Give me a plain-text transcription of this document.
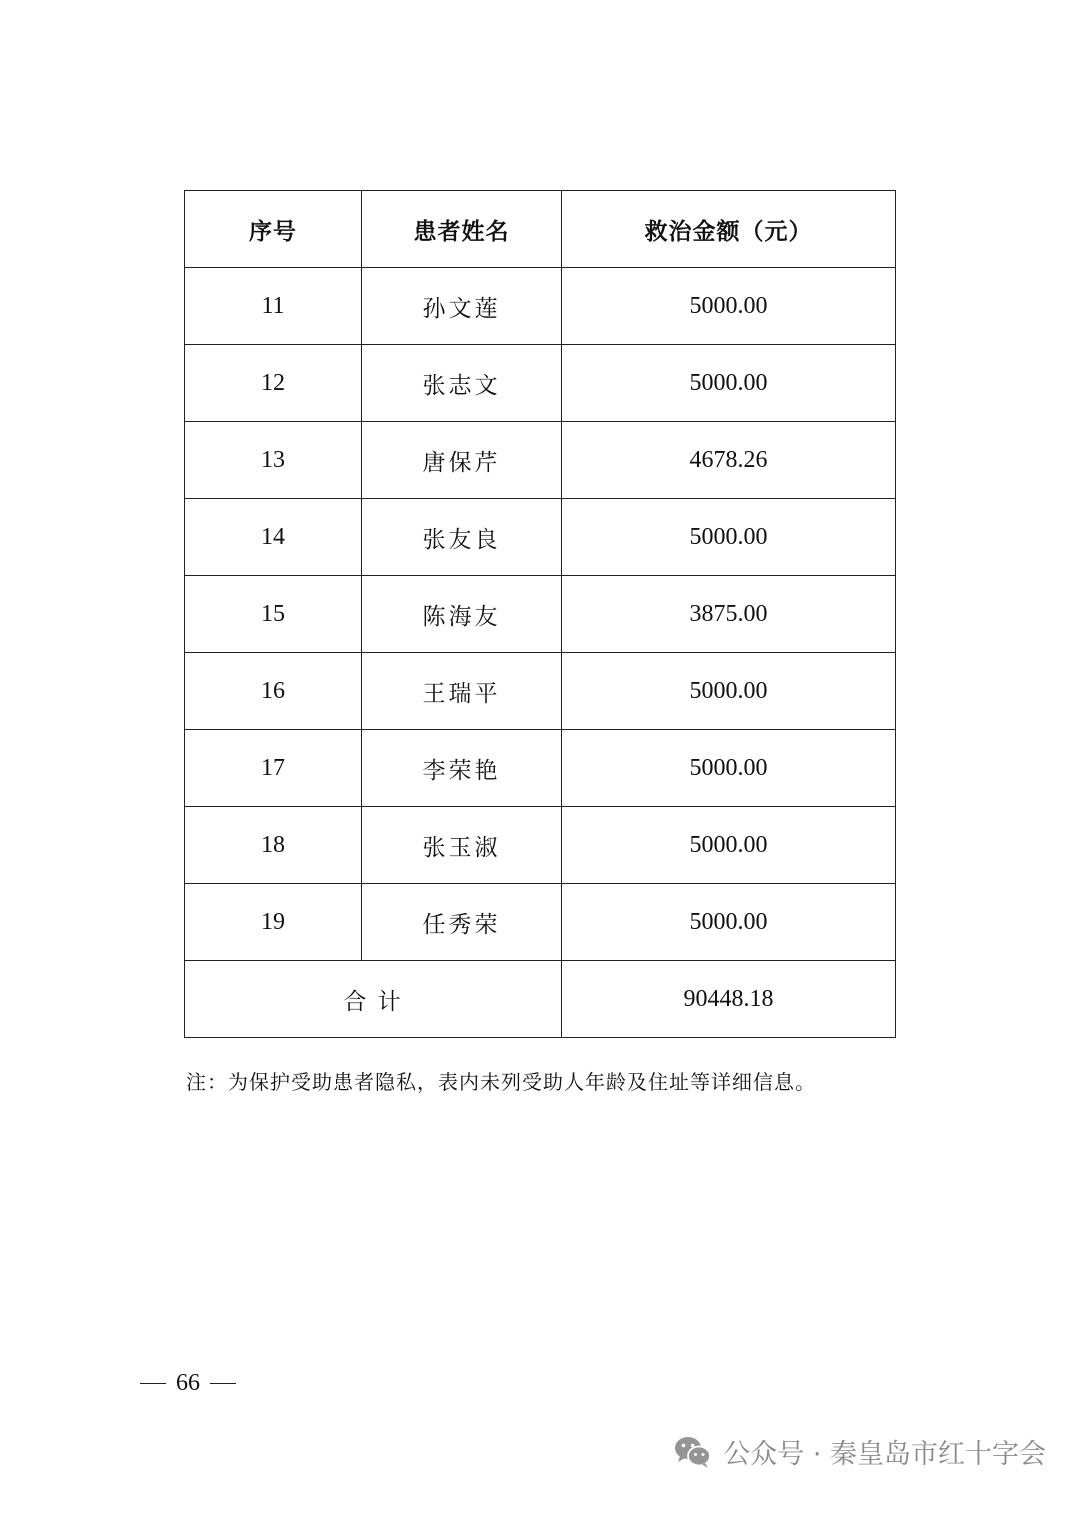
序号	患者姓名	救治金额（元）
11	孙文莲	5000.00
12	张志文	5000.00
13	唐保芹	4678.26
14	张友良	5000.00
15	陈海友	3875.00
16	王瑞平	5000.00
17	李荣艳	5000.00
18	张玉淑	5000.00
19	任秀荣	5000.00
合 计		90448.18
注：为保护受助患者隐私，表内未列受助人年龄及住址等详细信息。
66
公众号 · 秦皇岛市红十字会
